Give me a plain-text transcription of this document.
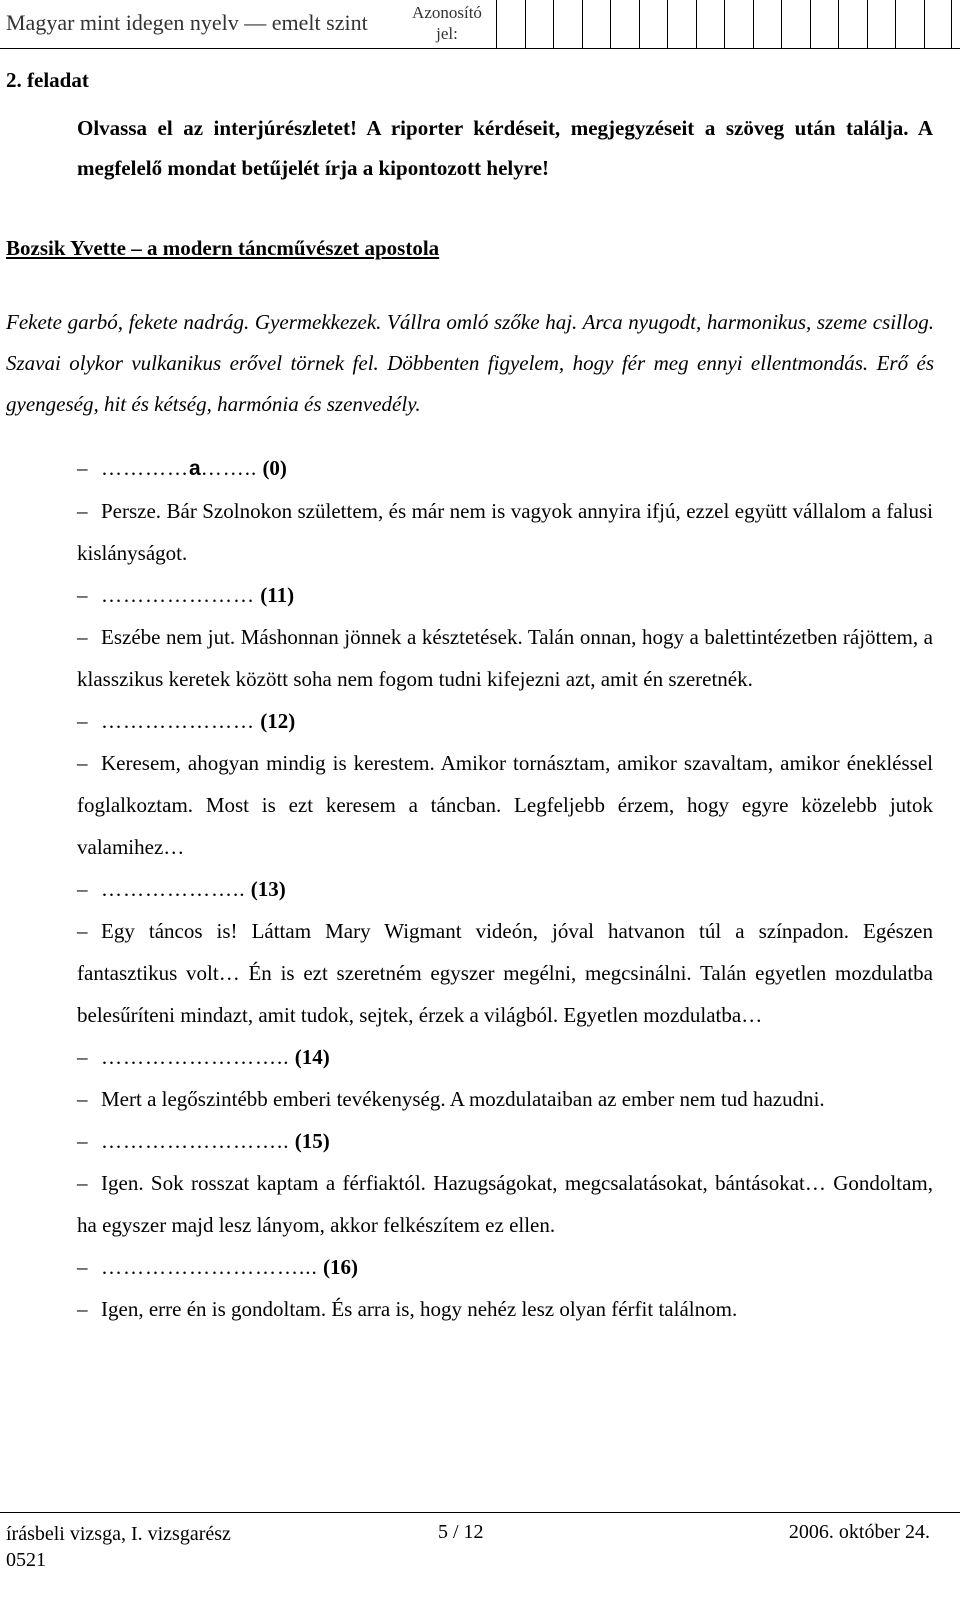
Magyar mint idegen nyelv — emelt szint	Azonosító jel:
2. feladat
Olvassa el az interjúrészletet! A riporter kérdéseit, megjegyzéseit a szöveg után találja. A megfelelő mondat betűjelét írja a kipontozott helyre!
Bozsik Yvette – a modern táncművészet apostola
Fekete garbó, fekete nadrág. Gyermekkezek. Vállra omló szőke haj. Arca nyugodt, harmonikus, szeme csillog. Szavai olykor vulkanikus erővel törnek fel. Döbbenten figyelem, hogy fér meg ennyi ellentmondás. Erő és gyengeség, hit és kétség, harmónia és szenvedély.
– …………a…….. (0)
– Persze. Bár Szolnokon születtem, és már nem is vagyok annyira ifjú, ezzel együtt vállalom a falusi kislányságot.
– ………………… (11)
– Eszébe nem jut. Máshonnan jönnek a késztetések. Talán onnan, hogy a balettintézetben rájöttem, a klasszikus keretek között soha nem fogom tudni kifejezni azt, amit én szeretnék.
– ………………… (12)
– Keresem, ahogyan mindig is kerestem. Amikor tornásztam, amikor szavaltam, amikor énekléssel foglalkoztam. Most is ezt keresem a táncban. Legfeljebb érzem, hogy egyre közelebb jutok valamihez…
– ……………….. (13)
– Egy táncos is! Láttam Mary Wigmant videón, jóval hatvanon túl a színpadon. Egészen fantasztikus volt… Én is ezt szeretném egyszer megélni, megcsinálni. Talán egyetlen mozdulatba belesűríteni mindazt, amit tudok, sejtek, érzek a világból. Egyetlen mozdulatba…
– …………………….. (14)
– Mert a legőszintébb emberi tevékenység. A mozdulataiban az ember nem tud hazudni.
– …………………….. (15)
– Igen. Sok rosszat kaptam a férfiaktól. Hazugságokat, megcsalatásokat, bántásokat… Gondoltam, ha egyszer majd lesz lányom, akkor felkészítem ez ellen.
– ………………………... (16)
– Igen, erre én is gondoltam. És arra is, hogy nehéz lesz olyan férfit találnom.
írásbeli vizsga, I. vizsgarész
0521
5 / 12	2006. október 24.
